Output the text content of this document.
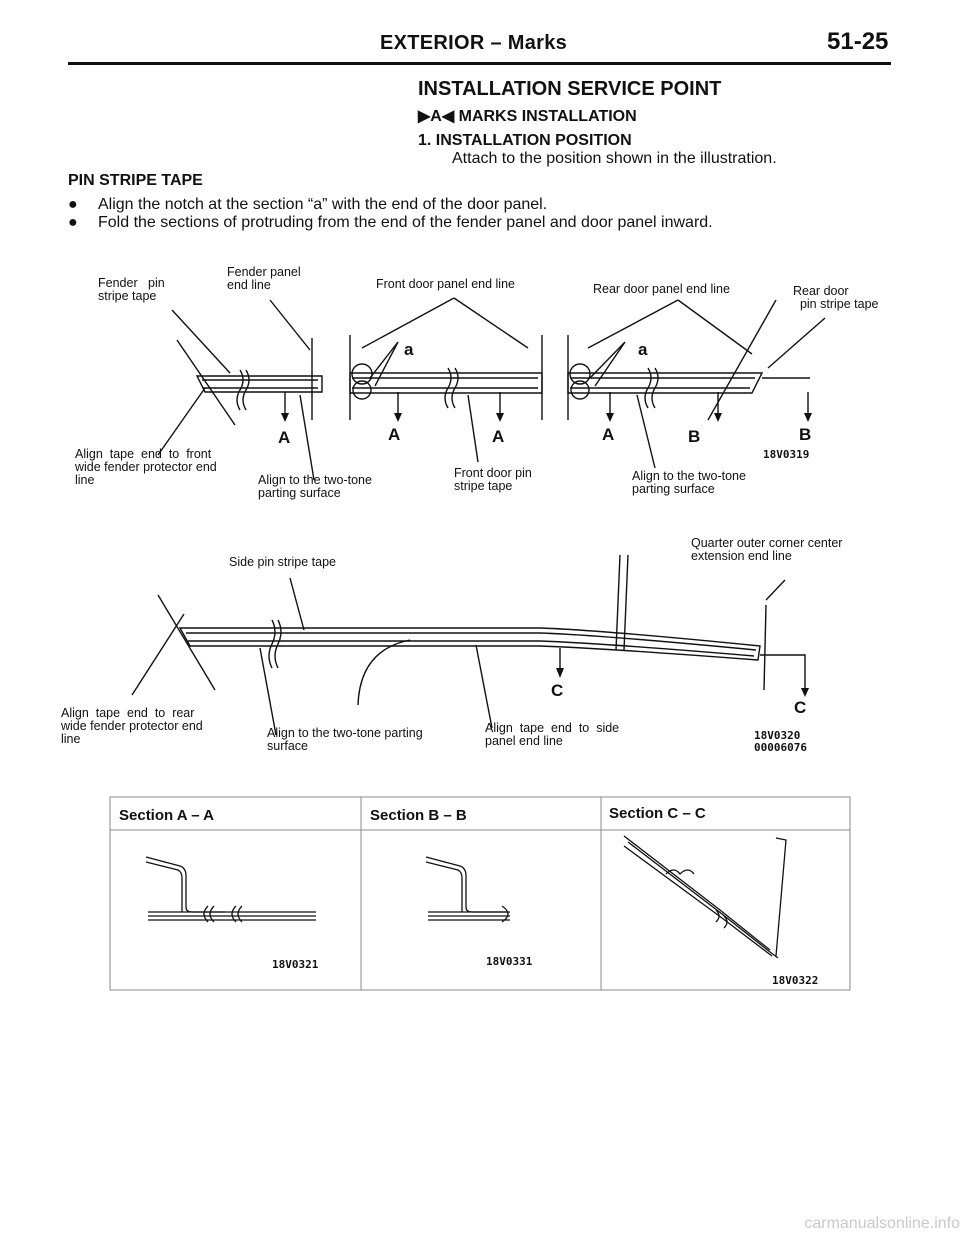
EXTERIOR – Marks	51-25
INSTALLATION SERVICE POINT
▶A◀ MARKS INSTALLATION
1. INSTALLATION POSITION
Attach to the position shown in the illustration.
PIN STRIPE TAPE
● Align the notch at the section “a” with the end of the door panel.
● Fold the sections of protruding from the end of the fender panel and door panel inward.
Fender   pin
stripe tape
Fender panel
end line	Front door panel end line	Rear door panel end line	Rear door
pin stripe tape
Align  tape  end  to  front
wide fender protector end
line	Align to the two-tone
parting surface
Front door pin
stripe tape
Align to the two-tone
parting surface
a	a
A	A	A	A	B	B
18V0319
Side pin stripe tape
Quarter outer corner center
extension end line
Align  tape  end  to  rear
wide fender protector end
line	Align to the two-tone parting
surface
Align  tape  end  to  side
panel end line
C
C
18V0320
00006076
Section A – A	Section B – B	Section C – C
18V0321	18V0331
18V0322
carmanualsonline.info
